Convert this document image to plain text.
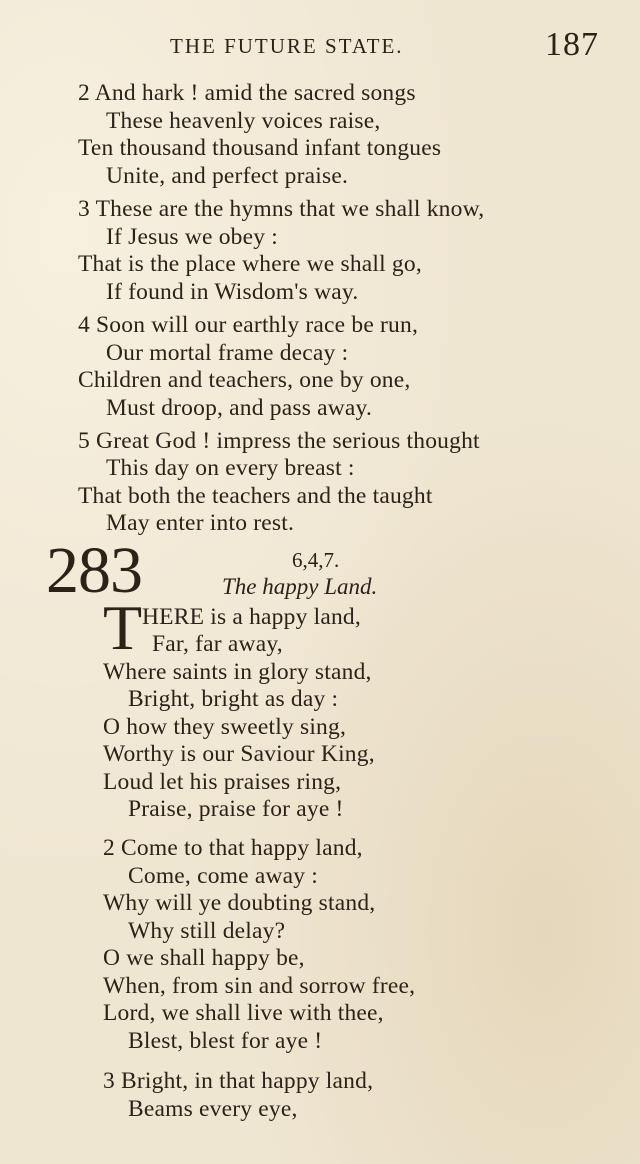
THE FUTURE STATE.	187
2 And hark ! amid the sacred songs
These heavenly voices raise,
Ten thousand thousand infant tongues
Unite, and perfect praise.
3 These are the hymns that we shall know,
If Jesus we obey :
That is the place where we shall go,
If found in Wisdom's way.
4 Soon will our earthly race be run,
Our mortal frame decay :
Children and teachers, one by one,
Must droop, and pass away.
5 Great God ! impress the serious thought
This day on every breast :
That both the teachers and the taught
May enter into rest.
283	6,4,7.
The happy Land.
T HERE is a happy land,
Far, far away,
Where saints in glory stand,
Bright, bright as day :
O how they sweetly sing,
Worthy is our Saviour King,
Loud let his praises ring,
Praise, praise for aye !
2 Come to that happy land,
Come, come away :
Why will ye doubting stand,
Why still delay?
O we shall happy be,
When, from sin and sorrow free,
Lord, we shall live with thee,
Blest, blest for aye !
3 Bright, in that happy land,
Beams every eye,
